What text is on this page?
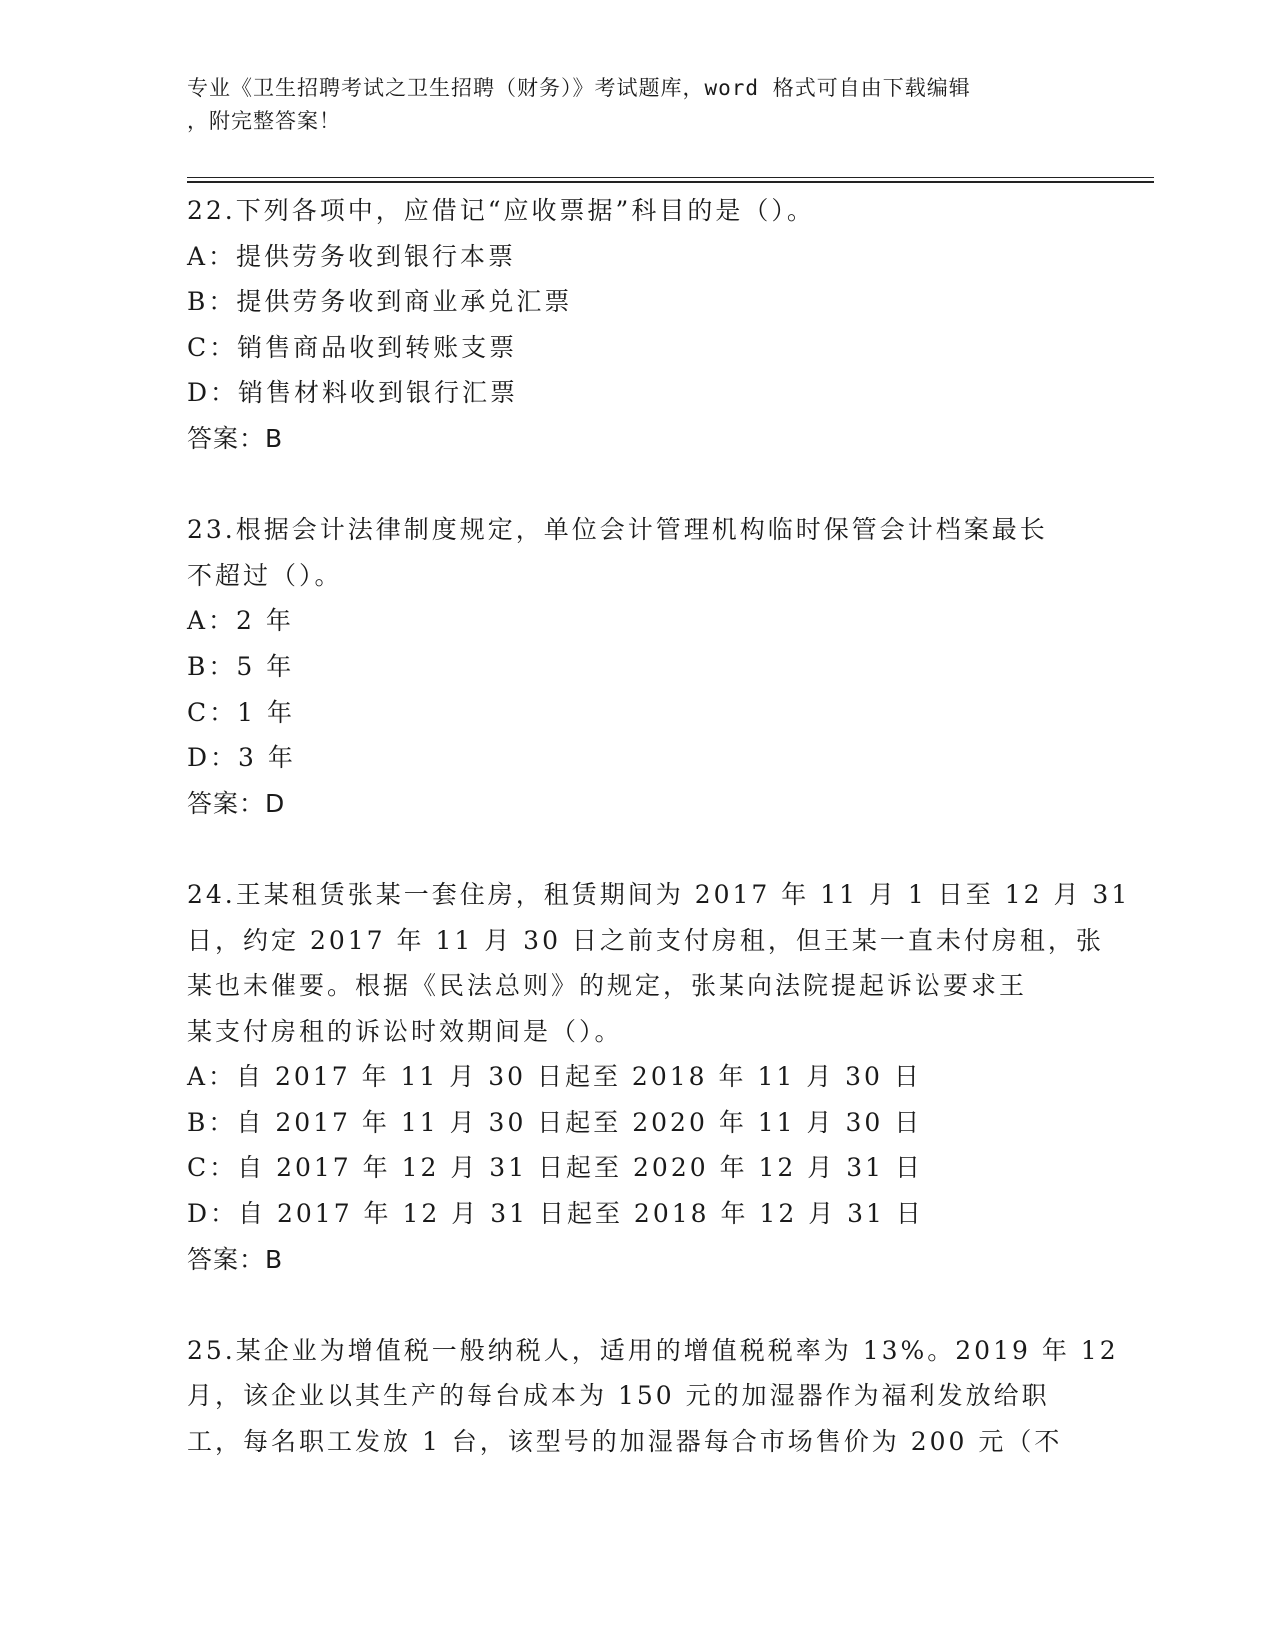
专业《卫生招聘考试之卫生招聘（财务）》考试题库，word 格式可自由下载编辑
，附完整答案！
22.下列各项中，应借记“应收票据”科目的是（）。
A：提供劳务收到银行本票
B：提供劳务收到商业承兑汇票
C：销售商品收到转账支票
D：销售材料收到银行汇票
答案：B
23.根据会计法律制度规定，单位会计管理机构临时保管会计档案最长
不超过（）。
A：2 年
B：5 年
C：1 年
D：3 年
答案：D
24.王某租赁张某一套住房，租赁期间为 2017 年 11 月 1 日至 12 月 31
日，约定 2017 年 11 月 30 日之前支付房租，但王某一直未付房租，张
某也未催要。根据《民法总则》的规定，张某向法院提起诉讼要求王
某支付房租的诉讼时效期间是（）。
A：自 2017 年 11 月 30 日起至 2018 年 11 月 30 日
B：自 2017 年 11 月 30 日起至 2020 年 11 月 30 日
C：自 2017 年 12 月 31 日起至 2020 年 12 月 31 日
D：自 2017 年 12 月 31 日起至 2018 年 12 月 31 日
答案：B
25.某企业为增值税一般纳税人，适用的增值税税率为 13%。2019 年 12
月，该企业以其生产的每台成本为 150 元的加湿器作为福利发放给职
工，每名职工发放 1 台，该型号的加湿器每合市场售价为 200 元（不
